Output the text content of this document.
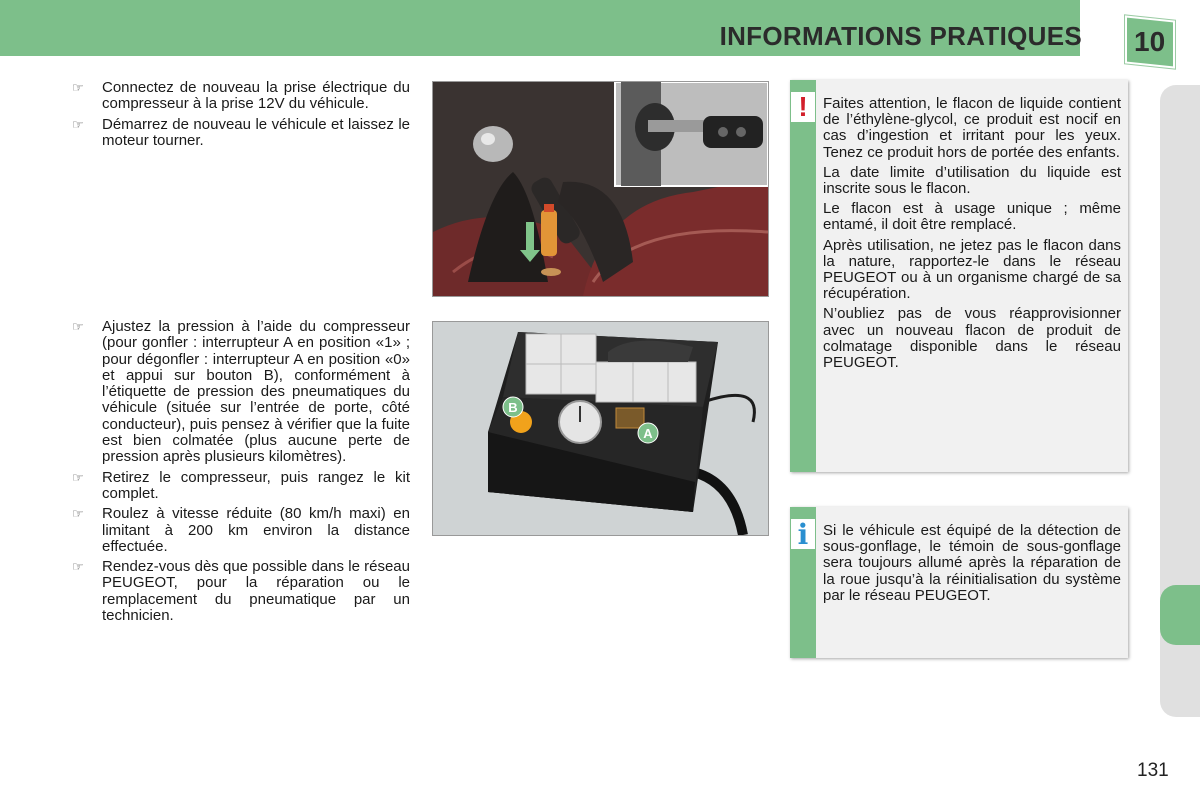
INFORMATIONS PRATIQUES 10
☞ Connectez de nouveau la prise électrique du compresseur à la prise 12V du véhicule.
☞ Démarrez de nouveau le véhicule et laissez le moteur tourner.
☞ Ajustez la pression à l’aide du compresseur (pour gonfler : interrupteur A en position «1» ; pour dégonfler : interrupteur A en position «0» et appui sur bouton B), conformément à l’étiquette de pression des pneumatiques du véhicule (située sur l’entrée de porte, côté conducteur), puis pensez à vérifier que la fuite est bien colmatée (plus aucune perte de pression après plusieurs kilomètres).
☞ Retirez le compresseur, puis rangez le kit complet.
☞ Roulez à vitesse réduite (80 km/h maxi) en limitant à 200 km environ la distance effectuée.
☞ Rendez-vous dès que possible dans le réseau PEUGEOT, pour la réparation ou le remplacement du pneumatique par un technicien.
B
A
! Faites attention, le flacon de liquide contient de l’éthylène-glycol, ce produit est nocif en cas d’ingestion et irritant pour les yeux. Tenez ce produit hors de portée des enfants.

La date limite d’utilisation du liquide est inscrite sous le flacon.

Le flacon est à usage unique ; même entamé, il doit être remplacé.

Après utilisation, ne jetez pas le flacon dans la nature, rapportez-le dans le réseau PEUGEOT ou à un organisme chargé de sa récupération.

N’oubliez pas de vous réapprovisionner avec un nouveau flacon de produit de colmatage disponible dans le réseau PEUGEOT.

i Si le véhicule est équipé de la détection de sous-gonflage, le témoin de sous-gonflage sera toujours allumé après la réparation de la roue jusqu’à la réinitialisation du système par le réseau PEUGEOT.

131
